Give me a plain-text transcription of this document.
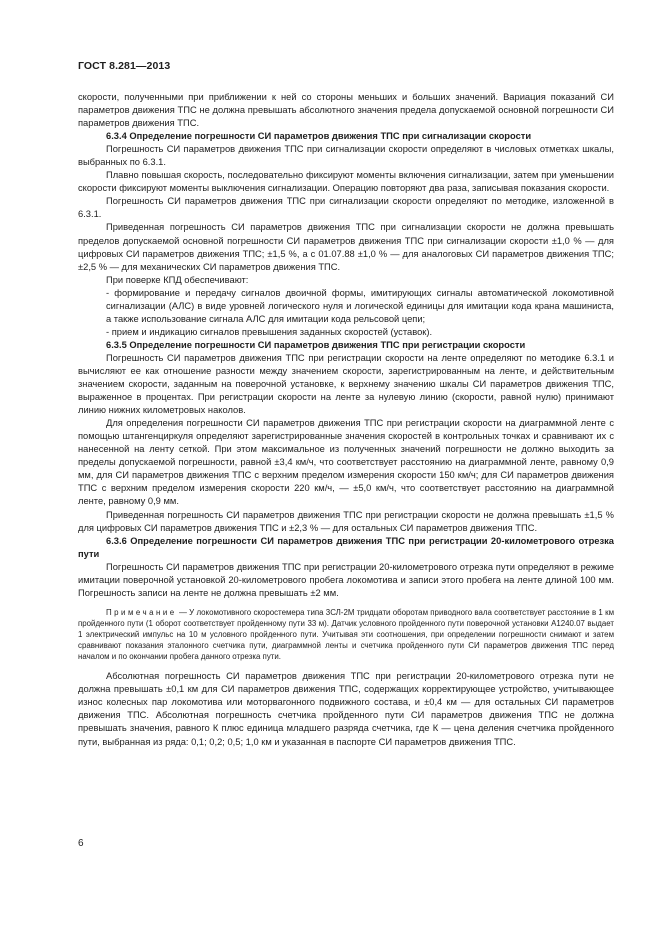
ГОСТ 8.281—2013

скорости, полученными при приближении к ней со стороны меньших и больших значений. Вариация показаний СИ параметров движения ТПС не должна превышать абсолютного значения предела допускаемой основной погрешности СИ параметров движения ТПС.

6.3.4 Определение погрешности СИ параметров движения ТПС при сигнализации скорости

Погрешность СИ параметров движения ТПС при сигнализации скорости определяют в числовых отметках шкалы, выбранных по 6.3.1.

Плавно повышая скорость, последовательно фиксируют моменты включения сигнализации, затем при уменьшении скорости фиксируют моменты выключения сигнализации. Операцию повторяют два раза, записывая показания скорости.

Погрешность СИ параметров движения ТПС при сигнализации скорости определяют по методике, изложенной в 6.3.1.

Приведенная погрешность СИ параметров движения ТПС при сигнализации скорости не должна превышать пределов допускаемой основной погрешности СИ параметров движения ТПС при сигнализации скорости ±1,0 % — для цифровых СИ параметров движения ТПС; ±1,5 %, а с 01.07.88 ±1,0 % — для аналоговых СИ параметров движения ТПС; ±2,5 % — для механических СИ параметров движения ТПС.

При поверке КПД обеспечивают:

- формирование и передачу сигналов двоичной формы, имитирующих сигналы автоматической локомотивной сигнализации (АЛС) в виде уровней логического нуля и логической единицы для имитации кода крана машиниста, а также использование сигнала АЛС для имитации кода рельсовой цепи;

- прием и индикацию сигналов превышения заданных скоростей (уставок).

6.3.5 Определение погрешности СИ параметров движения ТПС при регистрации скорости

Погрешность СИ параметров движения ТПС при регистрации скорости на ленте определяют по методике 6.3.1 и вычисляют ее как отношение разности между значением скорости, зарегистрированным на ленте, и действительным значением скорости, заданным на поверочной установке, к верхнему значению шкалы СИ параметров движения ТПС, выраженное в процентах. При регистрации скорости на ленте за нулевую линию (скорости, равной нулю) принимают линию нижних километровых наколов.

Для определения погрешности СИ параметров движения ТПС при регистрации скорости на диаграммной ленте с помощью штангенциркуля определяют зарегистрированные значения скоростей в контрольных точках и сравнивают их с нанесенной на ленту сеткой. При этом максимальное из полученных значений погрешности не должно выходить за пределы допускаемой погрешности, равной ±3,4 км/ч, что соответствует расстоянию на диаграммной ленте, равному 0,9 мм, для СИ параметров движения ТПС с верхним пределом измерения скорости 150 км/ч; для СИ параметров движения ТПС с верхним пределом измерения скорости 220 км/ч, — ±5,0 км/ч, что соответствует расстоянию на диаграммной ленте, равному 0,9 мм.

Приведенная погрешность СИ параметров движения ТПС при регистрации скорости не должна превышать ±1,5 % для цифровых СИ параметров движения ТПС и ±2,3 % — для остальных СИ параметров движения ТПС.

6.3.6 Определение погрешности СИ параметров движения ТПС при регистрации 20-километрового отрезка пути

Погрешность СИ параметров движения ТПС при регистрации 20-километрового отрезка пути определяют в режиме имитации поверочной установкой 20-километрового пробега локомотива и записи этого пробега на ленте длиной 100 мм. Погрешность записи на ленте не должна превышать ±2 мм.

Примечание — У локомотивного скоростемера типа 3СЛ-2М тридцати оборотам приводного вала соответствует расстояние в 1 км пройденного пути (1 оборот соответствует пройденному пути 33 м). Датчик условного пройденного пути поверочной установки А1240.07 выдает 1 электрический импульс на 10 м условного пройденного пути. Учитывая эти соотношения, при определении погрешности снимают и затем сравнивают показания эталонного счетчика пути, диаграммной ленты и счетчика пройденного пути СИ параметров движения ТПС перед началом и по окончании пробега данного отрезка пути.

Абсолютная погрешность СИ параметров движения ТПС при регистрации 20-километрового отрезка пути не должна превышать ±0,1 км для СИ параметров движения ТПС, содержащих корректирующее устройство, учитывающее износ колесных пар локомотива или моторвагонного подвижного состава, и ±0,4 км — для остальных СИ параметров движения ТПС. Абсолютная погрешность счетчика пройденного пути СИ параметров движения ТПС не должна превышать значения, равного К плюс единица младшего разряда счетчика, где К — цена деления счетчика пройденного пути, выбранная из ряда: 0,1; 0,2; 0,5; 1,0 км и указанная в паспорте СИ параметров движения ТПС.

6
